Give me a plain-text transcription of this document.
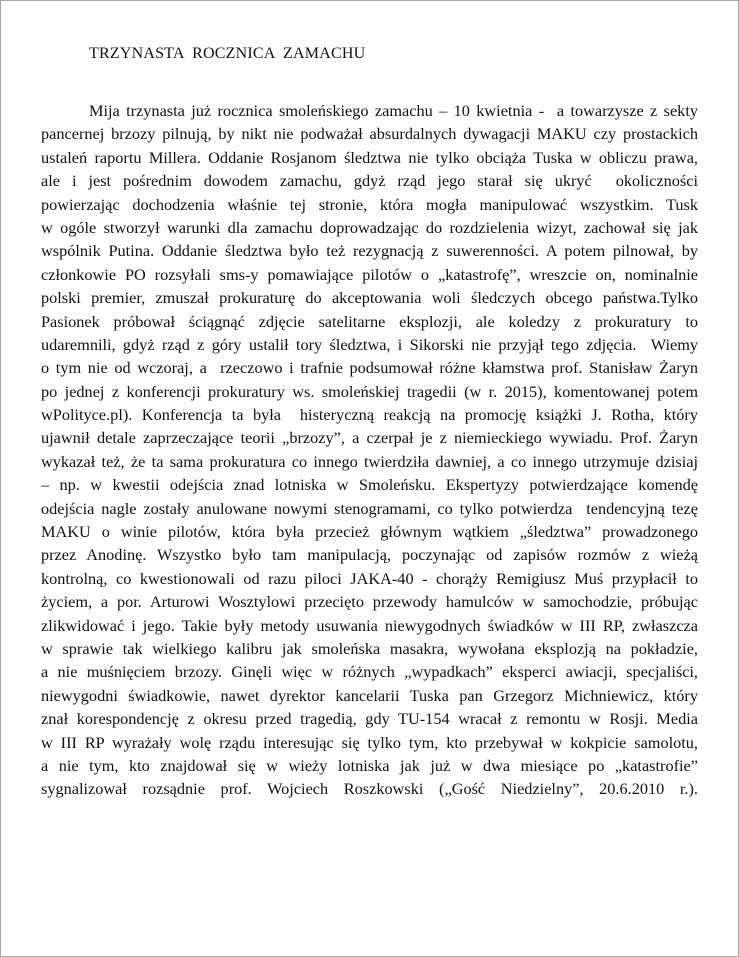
TRZYNASTA  ROCZNICA  ZAMACHU
Mija trzynasta już rocznica smoleńskiego zamachu – 10 kwietnia -  a towarzysze z sekty
pancernej brzozy pilnują, by nikt nie podważał absurdalnych dywagacji MAKU czy prostackich
ustaleń raportu Millera. Oddanie Rosjanom śledztwa nie tylko obciąża Tuska w obliczu prawa,
ale i jest pośrednim dowodem zamachu, gdyż rząd jego starał się ukryć  okoliczności
powierzając dochodzenia właśnie tej stronie, która mogła manipulować wszystkim. Tusk
w ogóle stworzył warunki dla zamachu doprowadzając do rozdzielenia wizyt, zachował się jak
wspólnik Putina. Oddanie śledztwa było też rezygnacją z suwerenności. A potem pilnował, by
członkowie PO rozsyłali sms-y pomawiające pilotów o „katastrofę”, wreszcie on, nominalnie
polski premier, zmuszał prokuraturę do akceptowania woli śledczych obcego państwa.Tylko
Pasionek próbował ściągnąć zdjęcie satelitarne eksplozji, ale koledzy z prokuratury to
udaremnili, gdyż rząd z góry ustalił tory śledztwa, i Sikorski nie przyjął tego zdjęcia.  Wiemy
o tym nie od wczoraj, a  rzeczowo i trafnie podsumował różne kłamstwa prof. Stanisław Żaryn
po jednej z konferencji prokuratury ws. smoleńskiej tragedii (w r. 2015), komentowanej potem
wPolityce.pl). Konferencja ta była  histeryczną reakcją na promocję książki J. Rotha, który
ujawnił detale zaprzeczające teorii „brzozy”, a czerpał je z niemieckiego wywiadu. Prof. Żaryn
wykazał też, że ta sama prokuratura co innego twierdziła dawniej, a co innego utrzymuje dzisiaj
– np. w kwestii odejścia znad lotniska w Smoleńsku. Ekspertyzy potwierdzające komendę
odejścia nagle zostały anulowane nowymi stenogramami, co tylko potwierdza  tendencyjną tezę
MAKU o winie pilotów, która była przecież głównym wątkiem „śledztwa” prowadzonego
przez Anodinę. Wszystko było tam manipulacją, poczynając od zapisów rozmów z wieżą
kontrolną, co kwestionowali od razu piloci JAKA-40 - chorąży Remigiusz Muś przypłacił to
życiem, a por. Arturowi Wosztylowi przecięto przewody hamulców w samochodzie, próbując
zlikwidować i jego. Takie były metody usuwania niewygodnych świadków w III RP, zwłaszcza
w sprawie tak wielkiego kalibru jak smoleńska masakra, wywołana eksplozją na pokładzie,
a nie muśnięciem brzozy. Ginęli więc w różnych „wypadkach” eksperci awiacji, specjaliści,
niewygodni świadkowie, nawet dyrektor kancelarii Tuska pan Grzegorz Michniewicz, który
znał korespondencję z okresu przed tragedią, gdy TU-154 wracał z remontu w Rosji. Media
w III RP wyrażały wolę rządu interesując się tylko tym, kto przebywał w kokpicie samolotu,
a nie tym, kto znajdował się w wieży lotniska jak już w dwa miesiące po „katastrofie”
sygnalizował rozsądnie prof. Wojciech Roszkowski („Gość Niedzielny”, 20.6.2010 r.).
